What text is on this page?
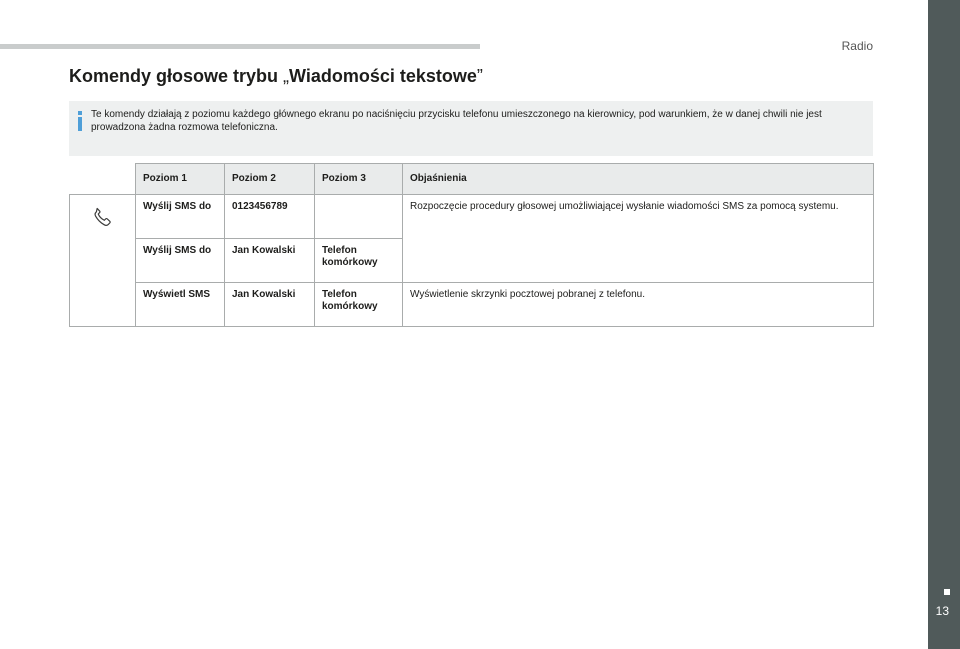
Radio
Komendy głosowe trybu „Wiadomości tekstowe”
Te komendy działają z poziomu każdego głównego ekranu po naciśnięciu przycisku telefonu umieszczonego na kierownicy, pod warunkiem, że w danej chwili nie jest prowadzona żadna rozmowa telefoniczna.
	Poziom 1	Poziom 2	Poziom 3	Objaśnienia

	Wyślij SMS do	0123456789		Rozpoczęcie procedury głosowej umożliwiającej wysłanie wiadomości SMS za pomocą systemu.
	Wyślij SMS do	Jan Kowalski	Telefon komórkowy	
	Wyświetl SMS	Jan Kowalski	Telefon komórkowy	Wyświetlenie skrzynki pocztowej pobranej z telefonu.
13
